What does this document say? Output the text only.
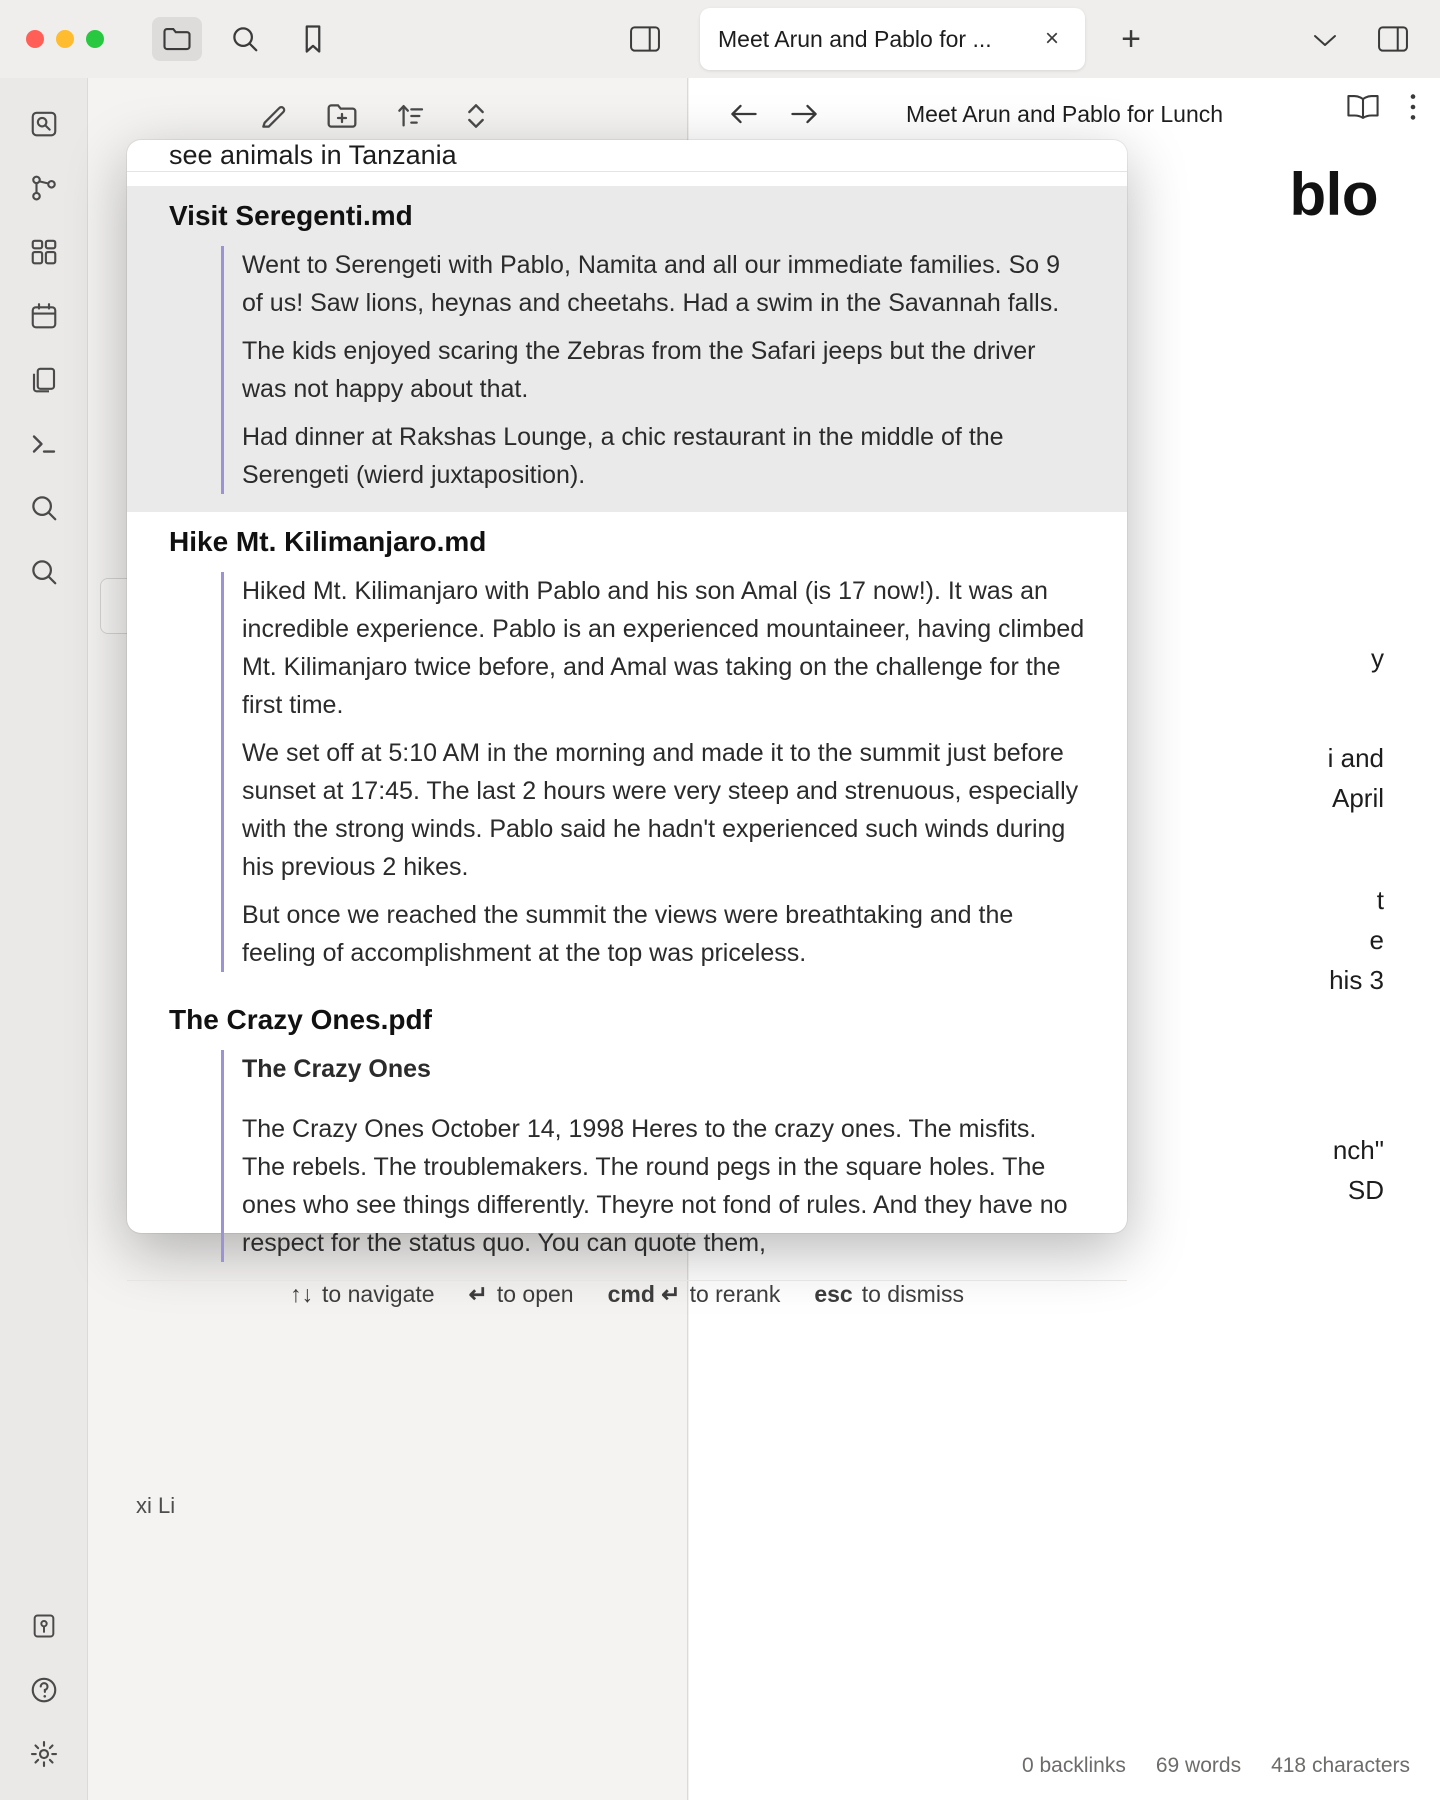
Meet Arun and Pablo for ...	× +
xi Li
Meet Arun and Pablo for Lunch
blo
y
i and
April
t
e
his 3
nch"
SD
0 backlinks 69 words 418 characters
see animals in Tanzania
Visit Seregenti.md

Went to Serengeti with Pablo, Namita and all our immediate families. So 9 of us! Saw lions, heynas and cheetahs. Had a swim in the Savannah falls.

The kids enjoyed scaring the Zebras from the Safari jeeps but the driver was not happy about that.

Had dinner at Rakshas Lounge, a chic restaurant in the middle of the Serengeti (wierd juxtaposition).

Hike Mt. Kilimanjaro.md

Hiked Mt. Kilimanjaro with Pablo and his son Amal (is 17 now!). It was an incredible experience. Pablo is an experienced mountaineer, having climbed Mt. Kilimanjaro twice before, and Amal was taking on the challenge for the first time.

We set off at 5:10 AM in the morning and made it to the summit just before sunset at 17:45. The last 2 hours were very steep and strenuous, especially with the strong winds. Pablo said he hadn't experienced such winds during his previous 2 hikes.

But once we reached the summit the views were breathtaking and the feeling of accomplishment at the top was priceless.

The Crazy Ones.pdf

The Crazy Ones

The Crazy Ones October 14, 1998 Heres to the crazy ones. The misfits. The rebels. The troublemakers. The round pegs in the square holes. The ones who see things differently. Theyre not fond of rules. And they have no respect for the status quo. You can quote them,

↑↓ to navigate ↵ to open cmd ↵ to rerank esc to dismiss
